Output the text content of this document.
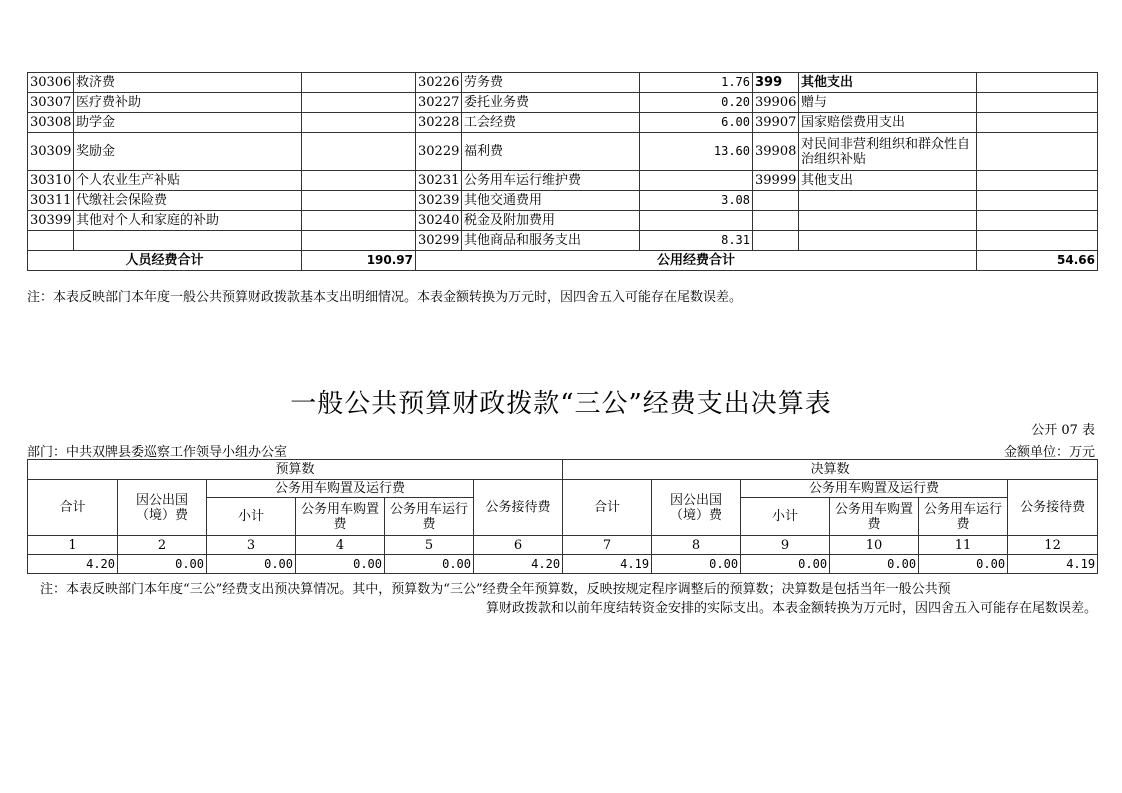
30306	救济费		30226	劳务费	1.76	399	其他支出	
30307	医疗费补助		30227	委托业务费	0.20	39906	赠与	
30308	助学金		30228	工会经费	6.00	39907	国家赔偿费用支出	
30309	奖励金		30229	福利费	13.60	39908	对民间非营利组织和群众性自治组织补贴	
30310	个人农业生产补贴		30231	公务用车运行维护费		39999	其他支出	
30311	代缴社会保险费		30239	其他交通费用	3.08			
30399	其他对个人和家庭的补助		30240	税金及附加费用				
			30299	其他商品和服务支出	8.31			
人员经费合计		190.97	公用经费合计					54.66
注：本表反映部门本年度一般公共预算财政拨款基本支出明细情况。本表金额转换为万元时，因四舍五入可能存在尾数误差。
一般公共预算财政拨款“三公”经费支出决算表
公开 07 表
部门：中共双牌县委巡察工作领导小组办公室	金额单位：万元
预算数						决算数					
合计	因公出国（境）费	公务用车购置及运行费			公务接待费	合计	因公出国（境）费	公务用车购置及运行费			公务接待费
		小计	公务用车购置费	公务用车运行费				小计	公务用车购置费	公务用车运行费	
1	2	3	4	5	6	7	8	9	10	11	12
4.20	0.00	0.00	0.00	0.00	4.20	4.19	0.00	0.00	0.00	0.00	4.19
注：本表反映部门本年度“三公”经费支出预决算情况。其中，预算数为“三公”经费全年预算数，反映按规定程序调整后的预算数；决算数是包括当年一般公共预
算财政拨款和以前年度结转资金安排的实际支出。本表金额转换为万元时，因四舍五入可能存在尾数误差。
